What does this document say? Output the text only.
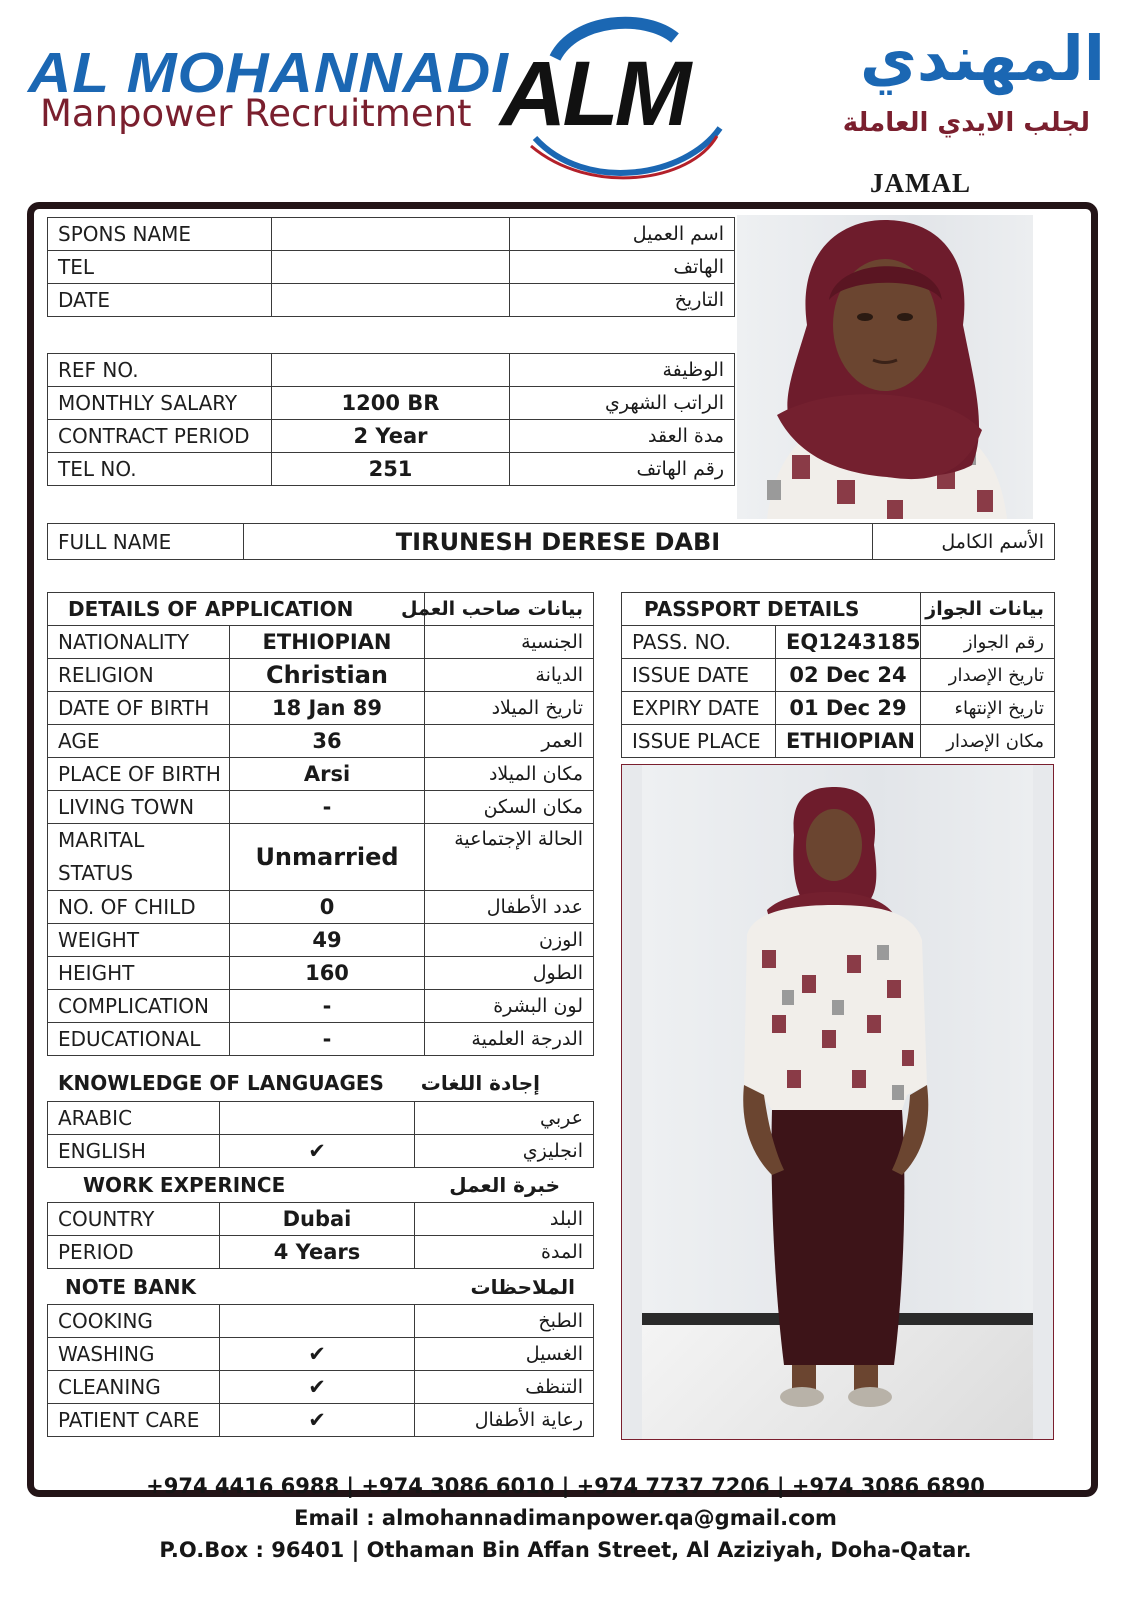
AL MOHANNADI
Manpower Recruitment ALM	المهندي
لجلب الايدي العاملة
JAMAL
SPONS NAME		اسم العميل
TEL		الهاتف
DATE		التاريخ
REF NO.		الوظيفة
MONTHLY SALARY	1200 BR	الراتب الشهري
CONTRACT PERIOD	2 Year	مدة العقد
TEL NO.	251	رقم الهاتف
FULL NAME	TIRUNESH DERESE DABI	الأسم الكامل
DETAILS OF APPLICATION		بيانات صاحب العمل
NATIONALITY	ETHIOPIAN	الجنسية
RELIGION	Christian	الديانة
DATE OF BIRTH	18 Jan 89	تاريخ الميلاد
AGE	36	العمر
PLACE OF BIRTH	Arsi	مكان الميلاد
LIVING TOWN	-	مكان السكن
MARITAL
STATUS	Unmarried	الحالة الإجتماعية
NO. OF CHILD	0	عدد الأطفال
WEIGHT	49	الوزن
HEIGHT	160	الطول
COMPLICATION	-	لون البشرة
EDUCATIONAL	-	الدرجة العلمية
KNOWLEDGE OF LANGUAGES	إجادة اللغات
ARABIC		عربي
ENGLISH	✔	انجليزي
WORK EXPERINCE	خبرة العمل
COUNTRY	Dubai	البلد
PERIOD	4 Years	المدة
NOTE BANK	الملاحظات
COOKING		الطبخ
WASHING	✔	الغسيل
CLEANING	✔	التنظف
PATIENT CARE	✔	رعاية الأطفال
PASSPORT DETAILS		بيانات الجواز
PASS. NO.	EQ1243185	رقم الجواز
ISSUE DATE	02 Dec 24	تاريخ الإصدار
EXPIRY DATE	01 Dec 29	تاريخ الإنتهاء
ISSUE PLACE	ETHIOPIAN	مكان الإصدار
+974 4416 6988 | +974 3086 6010 | +974 7737 7206 | +974 3086 6890
Email : almohannadimanpower.qa@gmail.com
P.O.Box : 96401 | Othaman Bin Affan Street, Al Aziziyah, Doha-Qatar.
